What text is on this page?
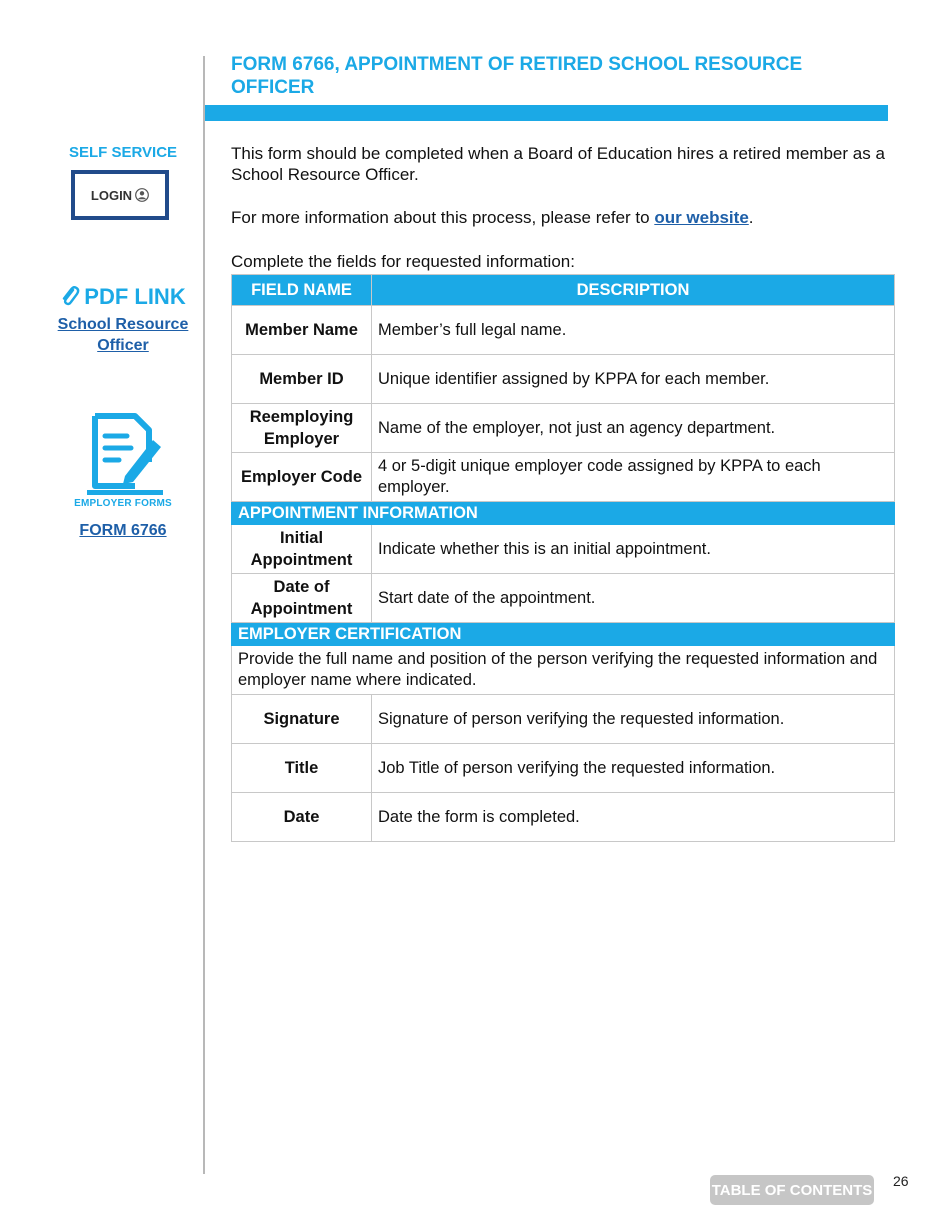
SELF SERVICE
LOGIN
PDF LINK
School Resource Officer
EMPLOYER FORMS
FORM 6766
FORM 6766, APPOINTMENT OF RETIRED SCHOOL RESOURCE OFFICER

This form should be completed when a Board of Education hires a retired member as a School Resource Officer.

For more information about this process, please refer to our website.

Complete the fields for requested information:

FIELD NAME	DESCRIPTION
Member Name	Member’s full legal name.
Member ID	Unique identifier assigned by KPPA for each member.
Reemploying Employer	Name of the employer, not just an agency department.
Employer Code	4 or 5-digit unique employer code assigned by KPPA to each employer.
APPOINTMENT INFORMATION	
Initial Appointment	Indicate whether this is an initial appointment.
Date of Appointment	Start date of the appointment.
EMPLOYER CERTIFICATION	
Provide the full name and position of the person verifying the requested information and employer name where indicated.	
Signature	Signature of person verifying the requested information.
Title	Job Title of person verifying the requested information.
Date	Date the form is completed.
TABLE OF CONTENTS
26
